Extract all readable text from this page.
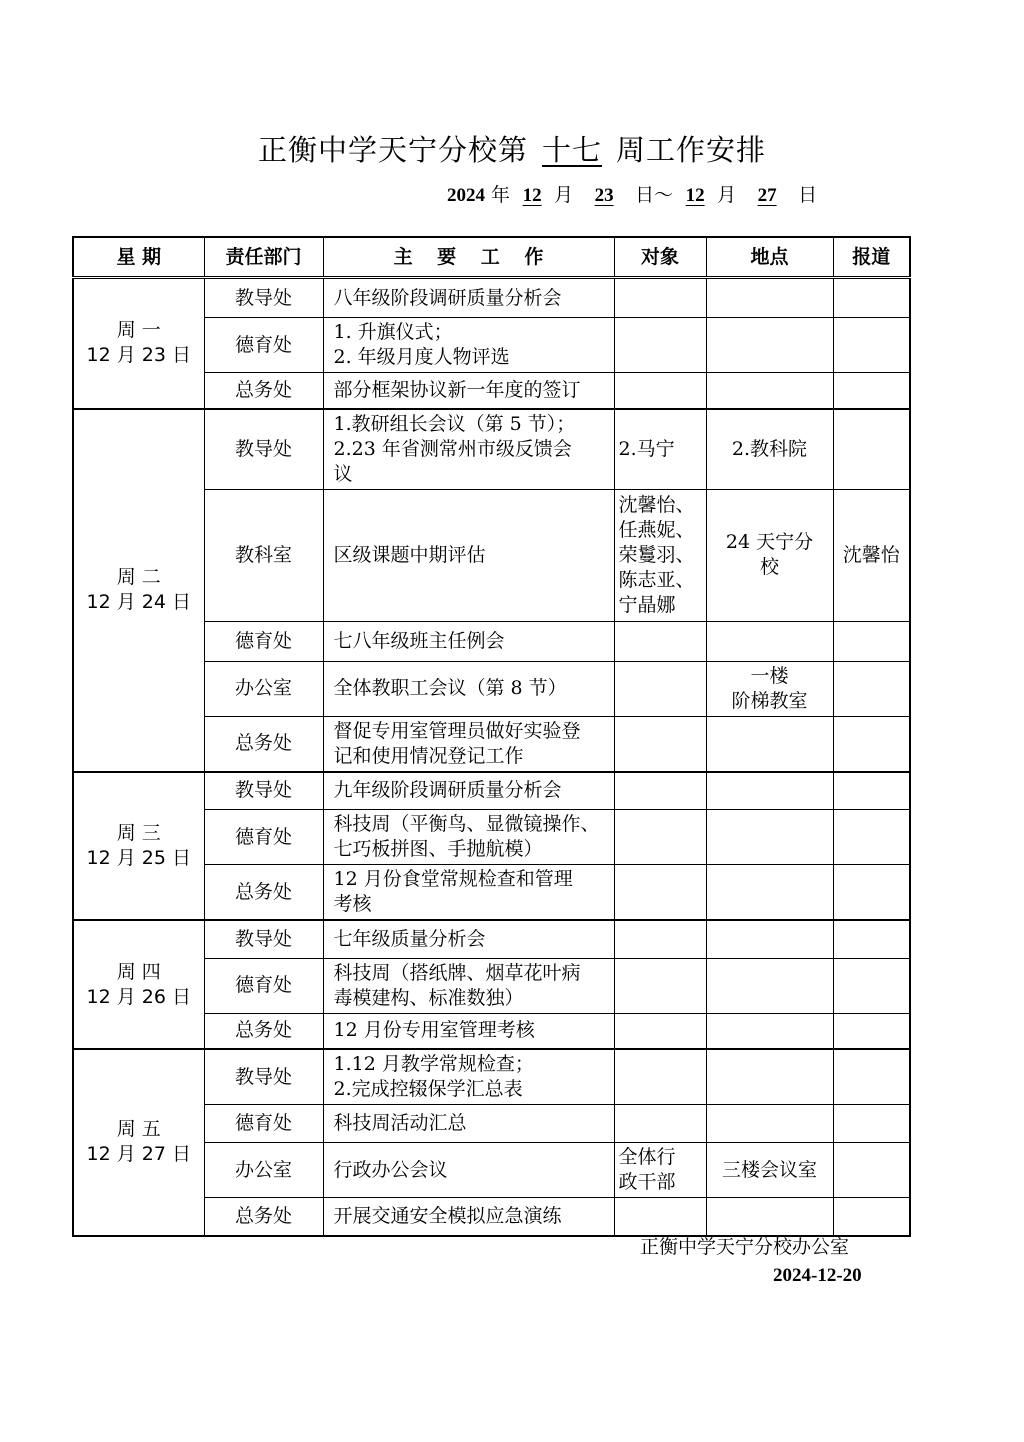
正衡中学天宁分校第 十七 周工作安排
2024 年 12 月 23 日～ 12 月 27 日
星 期	责任部门	主 要 工 作	对象	地点	报道

周 一
12 月 23 日	教导处	八年级阶段调研质量分析会			

	德育处	1. 升旗仪式；
2. 年级月度人物评选			

	总务处	部分框架协议新一年度的签订			

周 二
12 月 24 日	教导处	1.教研组长会议（第 5 节）；
2.23 年省测常州市级反馈会
议	2.马宁	2.教科院	

	教科室	区级课题中期评估	沈馨怡、
任燕妮、
荣鬘羽、
陈志亚、
宁晶娜	24 天宁分校	沈馨怡
	德育处	七八年级班主任例会			

	办公室	全体教职工会议（第 8 节）		一楼
阶梯教室	

	总务处	督促专用室管理员做好实验登
记和使用情况登记工作			

周 三
12 月 25 日	教导处	九年级阶段调研质量分析会			

	德育处	科技周（平衡鸟、显微镜操作、
七巧板拼图、手抛航模）			

	总务处	12 月份食堂常规检查和管理
考核			

周 四
12 月 26 日	教导处	七年级质量分析会			

	德育处	科技周（搭纸牌、烟草花叶病
毒模建构、标准数独）			

	总务处	12 月份专用室管理考核			

周 五
12 月 27 日	教导处	1.12 月教学常规检查；
2.完成控辍保学汇总表			

	德育处	科技周活动汇总			

	办公室	行政办公会议	全体行
政干部	三楼会议室	

	总务处	开展交通安全模拟应急演练			

正衡中学天宁分校办公室
2024-12-20
